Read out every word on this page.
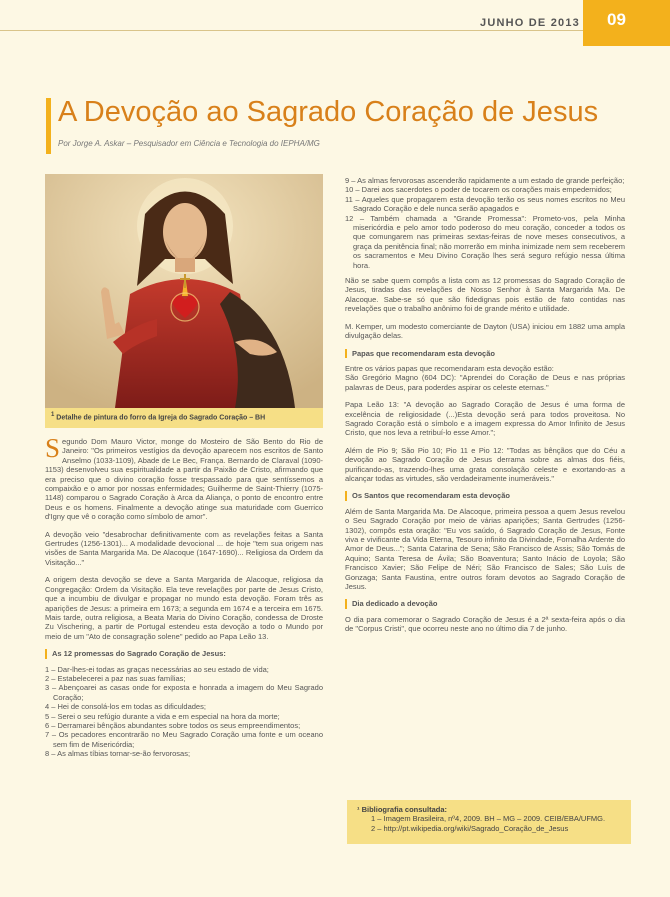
JUNHO DE 2013	09
A Devoção ao Sagrado Coração de Jesus
Por Jorge A. Askar – Pesquisador em Ciência e Tecnologia do IEPHA/MG
$^1$ Detalhe de pintura do forro da Igreja do Sagrado Coração – BH

Segundo Dom Mauro Victor, monge do Mosteiro de São Bento do Rio de Janeiro: "Os primeiros vestígios da devoção aparecem nos escritos de Santo Anselmo (1033-1109), Abade de Le Bec, França. Bernardo de Claraval (1090-1153) desenvolveu sua espiritualidade a partir da Paixão de Cristo, afirmando que era preciso que o divino coração fosse trespassado para que sentíssemos a compaixão e o amor por nossas enfermidades; Guilherme de Saint-Thierry (1075-1148) comparou o Sagrado Coração à Arca da Aliança, o ponto de encontro entre Deus e os homens. Finalmente a devoção atinge sua maturidade com Guerrico d'Igny que vê o coração como símbolo de amor".

A devoção veio "desabrochar definitivamente com as revelações feitas a Santa Gertrudes (1256-1301)... A modalidade devocional ... de hoje "tem sua origem nas visões de Santa Margarida Ma. De Alacoque (1647-1690)... Religiosa da Ordem da Visitação..."

A origem desta devoção se deve a Santa Margarida de Alacoque, religiosa da Congregação: Ordem da Visitação. Ela teve revelações por parte de Jesus Cristo, que a incumbiu de divulgar e propagar no mundo esta devoção. Foram três as aparições de Jesus: a primeira em 1673; a segunda em 1674 e a terceira em 1675. Mais tarde, outra religiosa, a Beata Maria do Divino Coração, condessa de Droste Zu Vischering, a partir de Portugal estendeu esta devoção a todo o Mundo por meio de um "Ato de consagração solene" pedido ao Papa Leão 13.

As 12 promessas do Sagrado Coração de Jesus:
1 – Dar-lhes-ei todas as graças necessárias ao seu estado de vida;
2 – Estabelecerei a paz nas suas famílias;
3 – Abençoarei as casas onde for exposta e honrada a imagem do Meu Sagrado Coração;
4 – Hei de consolá-los em todas as dificuldades;
5 – Serei o seu refúgio durante a vida e em especial na hora da morte;
6 – Derramarei bênçãos abundantes sobre todos os seus empreendimentos;
7 – Os pecadores encontrarão no Meu Sagrado Coração uma fonte e um oceano sem fim de Misericórdia;
8 – As almas tíbias tornar-se-ão fervorosas;
9 – As almas fervorosas ascenderão rapidamente a um estado de grande perfeição;
10 – Darei aos sacerdotes o poder de tocarem os corações mais empedernidos;
11 – Aqueles que propagarem esta devoção terão os seus nomes escritos no Meu Sagrado Coração e dele nunca serão apagados e
12 – Também chamada a "Grande Promessa": Prometo-vos, pela Minha misericórdia e pelo amor todo poderoso do meu coração, conceder a todos os que comungarem nas primeiras sextas-feiras de nove meses consecutivos, a graça da penitência final; não morrerão em minha inimizade nem sem receberem os sacramentos e Meu Divino Coração lhes será seguro refúgio nessa última hora.

Não se sabe quem compôs a lista com as 12 promessas do Sagrado Coração de Jesus, tiradas das revelações de Nosso Senhor à Santa Margarida Ma. De Alacoque. Sabe-se só que são fidedignas pois estão de fato contidas nas revelações que o trabalho anônimo foi de grande mérito e utilidade.

M. Kemper, um modesto comerciante de Dayton (USA) iniciou em 1882 uma ampla divulgação delas.

Papas que recomendaram esta devoção

Entre os vários papas que recomendaram esta devoção estão:
São Gregório Magno (604 DC): "Aprendei do Coração de Deus e nas próprias palavras de Deus, para poderdes aspirar os celeste eternas."

Papa Leão 13: "A devoção ao Sagrado Coração de Jesus é uma forma de excelência de religiosidade (...)Esta devoção será para todos proveitosa. No Sagrado Coração está o símbolo e a imagem expressa do Amor Infinito de Jesus Cristo, que nos leva a retribuí-lo esse Amor.";

Além de Pio 9; São Pio 10; Pio 11 e Pio 12: "Todas as bênçãos que do Céu a devoção ao Sagrado Coração de Jesus derrama sobre as almas dos fiéis, purificando-as, trazendo-lhes uma grata consolação celeste e exortando-as a alcançar todas as virtudes, são verdadeiramente inumeráveis."

Os Santos que recomendaram esta devoção

Além de Santa Margarida Ma. De Alacoque, primeira pessoa a quem Jesus revelou o Seu Sagrado Coração por meio de várias aparições; Santa Gertrudes (1256-1302), compôs esta oração: "Eu vos saúdo, ó Sagrado Coração de Jesus, Fonte viva e vivificante da Vida Eterna, Tesouro infinito da Divindade, Fornalha Ardente do Amor de Deus..."; Santa Catarina de Sena; São Francisco de Assis; São Tomás de Aquino; Santa Teresa de Ávila; São Boaventura; Santo Inácio de Loyola; São Francisco Xavier; São Felipe de Néri; São Francisco de Sales; São Luís de Gonzaga; Santa Faustina, entre outros foram devotos ao Sagrado Coração de Jesus.

Dia dedicado a devoção

O dia para comemorar o Sagrado Coração de Jesus é a 2ª sexta-feira após o dia de "Corpus Cristi", que ocorreu neste ano no último dia 7 de junho.

¹ Bibliografia consultada:
1 – Imagem Brasileira, nº4, 2009. BH – MG – 2009. CEIB/EBA/UFMG.
2 – http://pt.wikipedia.org/wiki/Sagrado_Coração_de_Jesus
